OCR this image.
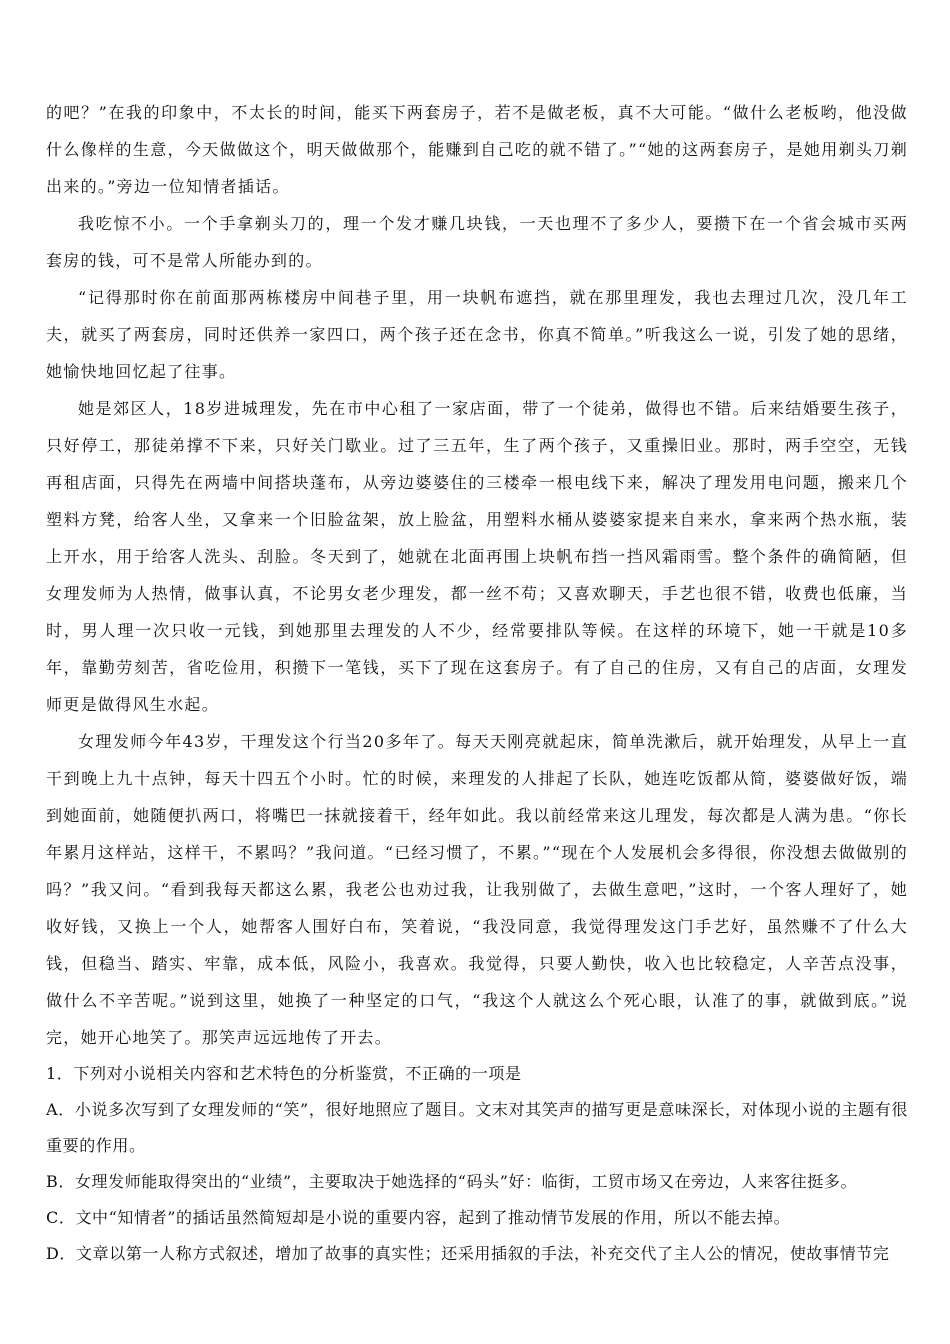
的吧？”在我的印象中，不太长的时间，能买下两套房子，若不是做老板，真不大可能。“做什么老板哟，他没做什么像样的生意，今天做做这个，明天做做那个，能赚到自己吃的就不错了。”“她的这两套房子，是她用剃头刀剃出来的。”旁边一位知情者插话。

我吃惊不小。一个手拿剃头刀的，理一个发才赚几块钱，一天也理不了多少人，要攒下在一个省会城市买两套房的钱，可不是常人所能办到的。

“记得那时你在前面那两栋楼房中间巷子里，用一块帆布遮挡，就在那里理发，我也去理过几次，没几年工夫，就买了两套房，同时还供养一家四口，两个孩子还在念书，你真不简单。”听我这么一说，引发了她的思绪，她愉快地回忆起了往事。

她是郊区人，18岁进城理发，先在市中心租了一家店面，带了一个徒弟，做得也不错。后来结婚要生孩子，只好停工，那徒弟撑不下来，只好关门歇业。过了三五年，生了两个孩子，又重操旧业。那时，两手空空，无钱再租店面，只得先在两墙中间搭块蓬布，从旁边婆婆住的三楼牵一根电线下来，解决了理发用电问题，搬来几个塑料方凳，给客人坐，又拿来一个旧脸盆架，放上脸盆，用塑料水桶从婆婆家提来自来水，拿来两个热水瓶，装上开水，用于给客人洗头、刮脸。冬天到了，她就在北面再围上块帆布挡一挡风霜雨雪。整个条件的确简陋，但女理发师为人热情，做事认真，不论男女老少理发，都一丝不苟；又喜欢聊天，手艺也很不错，收费也低廉，当时，男人理一次只收一元钱，到她那里去理发的人不少，经常要排队等候。在这样的环境下，她一干就是10多年，靠勤劳刻苦，省吃俭用，积攒下一笔钱，买下了现在这套房子。有了自己的住房，又有自己的店面，女理发师更是做得风生水起。

女理发师今年43岁，干理发这个行当20多年了。每天天刚亮就起床，简单洗漱后，就开始理发，从早上一直干到晚上九十点钟，每天十四五个小时。忙的时候，来理发的人排起了长队，她连吃饭都从简，婆婆做好饭，端到她面前，她随便扒两口，将嘴巴一抹就接着干，经年如此。我以前经常来这儿理发，每次都是人满为患。“你长年累月这样站，这样干，不累吗？”我问道。“已经习惯了，不累。”“现在个人发展机会多得很，你没想去做做别的吗？”我又问。“看到我每天都这么累，我老公也劝过我，让我别做了，去做生意吧，”这时，一个客人理好了，她收好钱，又换上一个人，她帮客人围好白布，笑着说，“我没同意，我觉得理发这门手艺好，虽然赚不了什么大钱，但稳当、踏实、牢靠，成本低，风险小，我喜欢。我觉得，只要人勤快，收入也比较稳定，人辛苦点没事，做什么不辛苦呢。”说到这里，她换了一种坚定的口气，“我这个人就这么个死心眼，认准了的事，就做到底。”说完，她开心地笑了。那笑声远远地传了开去。

1．下列对小说相关内容和艺术特色的分析鉴赏，不正确的一项是

A．小说多次写到了女理发师的“笑”，很好地照应了题目。文末对其笑声的描写更是意味深长，对体现小说的主题有很重要的作用。

B．女理发师能取得突出的“业绩”，主要取决于她选择的“码头”好：临街，工贸市场又在旁边，人来客往挺多。

C．文中“知情者”的插话虽然简短却是小说的重要内容，起到了推动情节发展的作用，所以不能去掉。

D．文章以第一人称方式叙述，增加了故事的真实性；还采用插叙的手法，补充交代了主人公的情况，使故事情节完
